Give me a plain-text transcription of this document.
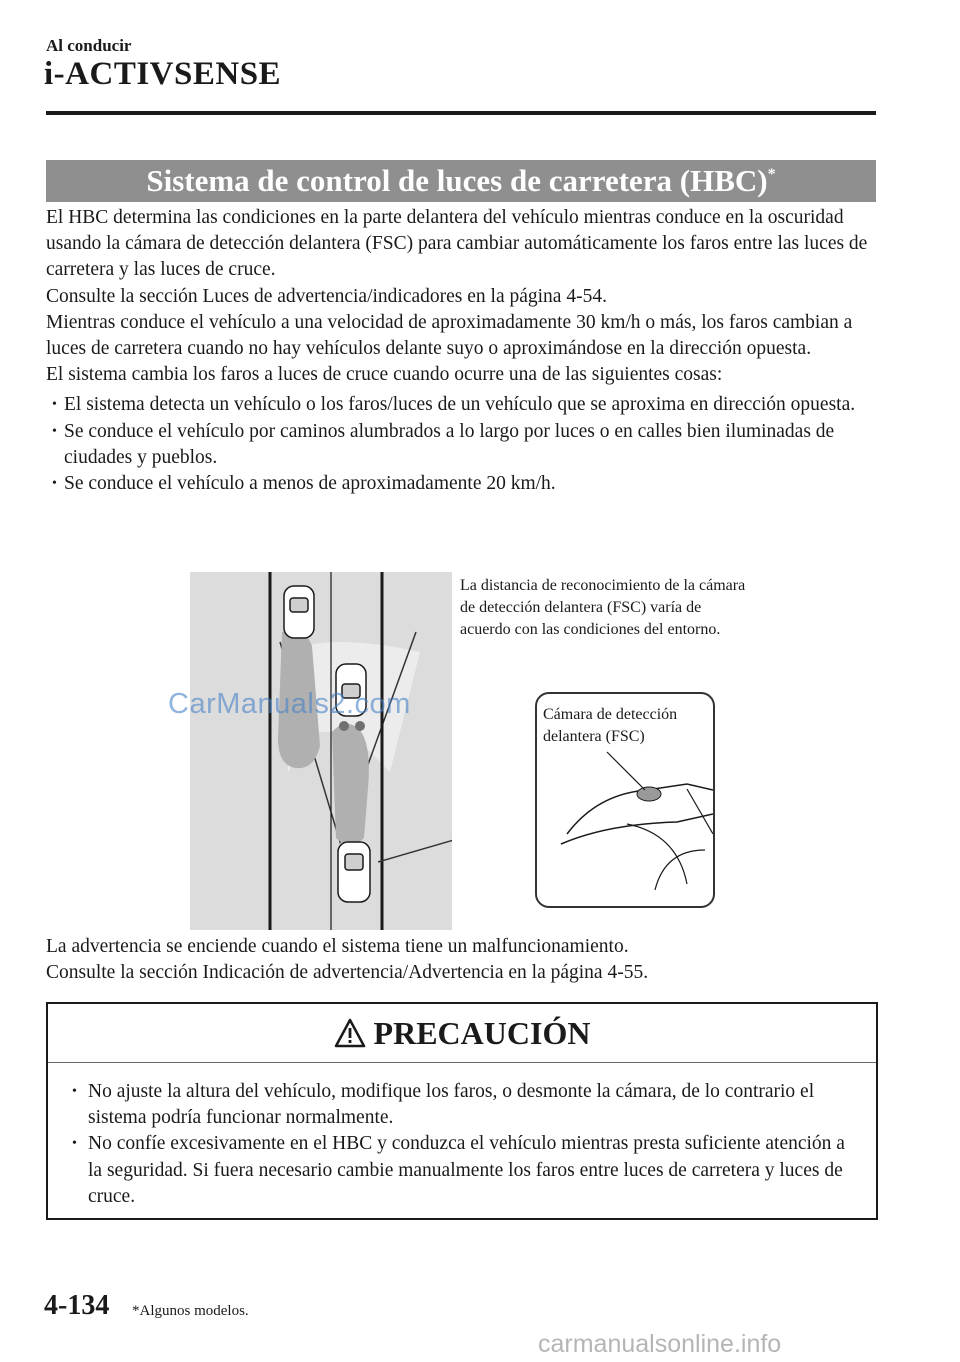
Al conducir
i-ACTIVSENSE
Sistema de control de luces de carretera (HBC)*

El HBC determina las condiciones en la parte delantera del vehículo mientras conduce en la oscuridad usando la cámara de detección delantera (FSC) para cambiar automáticamente los faros entre las luces de carretera y las luces de cruce.

Consulte la sección Luces de advertencia/indicadores en la página 4-54.

Mientras conduce el vehículo a una velocidad de aproximadamente 30 km/h o más, los faros cambian a luces de carretera cuando no hay vehículos delante suyo o aproximándose en la dirección opuesta.

El sistema cambia los faros a luces de cruce cuando ocurre una de las siguientes cosas:

• El sistema detecta un vehículo o los faros/luces de un vehículo que se aproxima en dirección opuesta.
• Se conduce el vehículo por caminos alumbrados a lo largo por luces o en calles bien iluminadas de ciudades y pueblos.
• Se conduce el vehículo a menos de aproximadamente 20 km/h.
La distancia de reconocimiento de la cámara de detección delantera (FSC) varía de acuerdo con las condiciones del entorno.
Cámara de detección delantera (FSC)
CarManuals2.com

La advertencia se enciende cuando el sistema tiene un malfuncionamiento.

Consulte la sección Indicación de advertencia/Advertencia en la página 4-55.

PRECAUCIÓN
• No ajuste la altura del vehículo, modifique los faros, o desmonte la cámara, de lo contrario el sistema podría funcionar normalmente.
• No confíe excesivamente en el HBC y conduzca el vehículo mientras presta suficiente atención a la seguridad. Si fuera necesario cambie manualmente los faros entre luces de carretera y luces de cruce.
4-134 *Algunos modelos.
carmanualsonline.info
